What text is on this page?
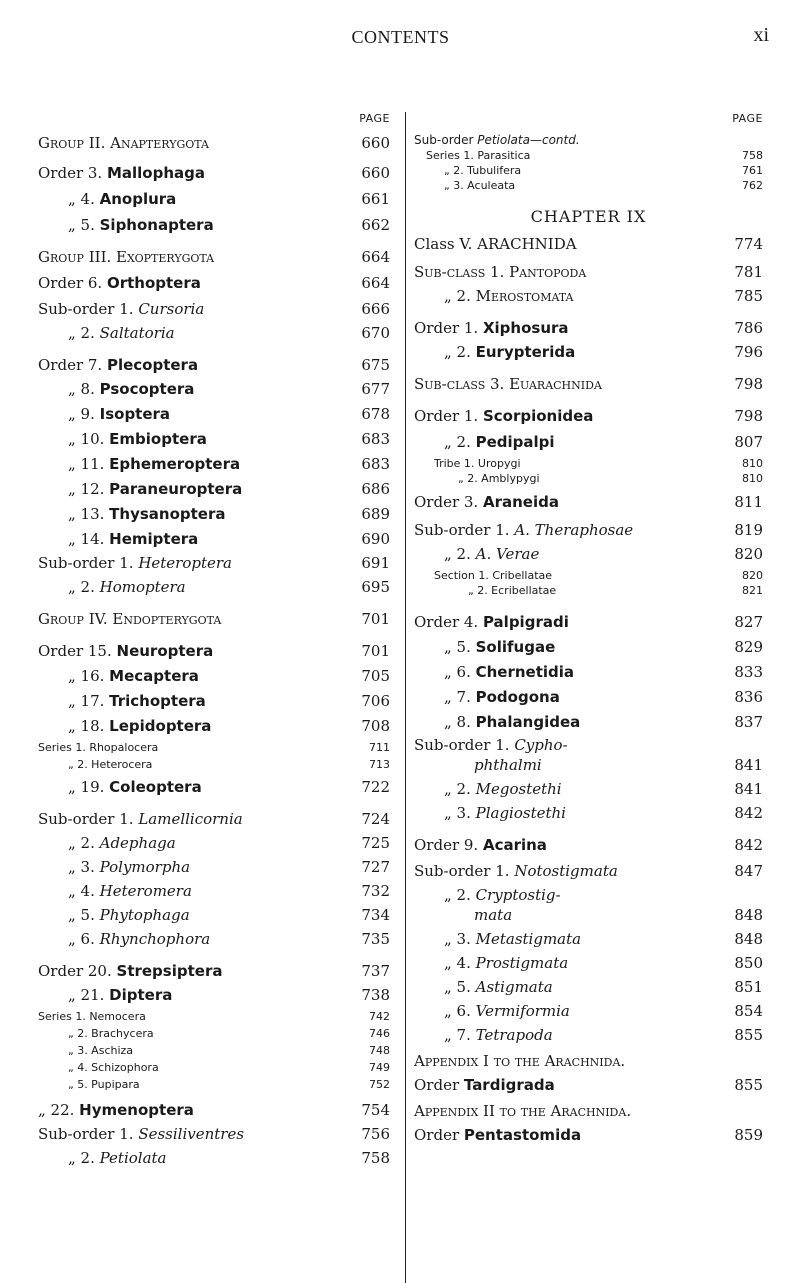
CONTENTS	xi
PAGE
Group II. Anapterygota	660
Order 3. Mallophaga	660
„ 4. Anoplura	661
„ 5. Siphonaptera	662
Group III. Exopterygota	664
Order 6. Orthoptera	664
Sub-order 1. Cursoria	666
„ 2. Saltatoria	670
Order 7. Plecoptera	675
„ 8. Psocoptera	677
„ 9. Isoptera	678
„ 10. Embioptera	683
„ 11. Ephemeroptera	683
„ 12. Paraneuroptera	686
„ 13. Thysanoptera	689
„ 14. Hemiptera	690
Sub-order 1. Heteroptera	691
„ 2. Homoptera	695
Group IV. Endopterygota	701
Order 15. Neuroptera	701
„ 16. Mecaptera	705
„ 17. Trichoptera	706
„ 18. Lepidoptera	708
Series 1. Rhopalocera	711
„ 2. Heterocera	713
„ 19. Coleoptera	722
Sub-order 1. Lamellicornia	724
„ 2. Adephaga	725
„ 3. Polymorpha	727
„ 4. Heteromera	732
„ 5. Phytophaga	734
„ 6. Rhynchophora	735
Order 20. Strepsiptera	737
„ 21. Diptera	738
Series 1. Nemocera	742
„ 2. Brachycera	746
„ 3. Aschiza	748
„ 4. Schizophora	749
„ 5. Pupipara	752
„ 22. Hymenoptera	754
Sub-order 1. Sessiliventres	756
„ 2. Petiolata	758
PAGE
Sub-order Petiolata—contd.
Series 1. Parasitica	758
„ 2. Tubulifera	761
„ 3. Aculeata	762
CHAPTER IX
Class V. ARACHNIDA	774
Sub-class 1. Pantopoda	781
„ 2. Merostomata	785
Order 1. Xiphosura	786
„ 2. Eurypterida	796
Sub-class 3. Euarachnida	798
Order 1. Scorpionidea	798
„ 2. Pedipalpi	807
Tribe 1. Uropygi	810
„ 2. Amblypygi	810
Order 3. Araneida	811
Sub-order 1. A. Theraphosae	819
„ 2. A. Verae	820
Section 1. Cribellatae	820
„ 2. Ecribellatae	821
Order 4. Palpigradi	827
„ 5. Solifugae	829
„ 6. Chernetidia	833
„ 7. Podogona	836
„ 8. Phalangidea	837
Sub-order 1. Cypho-
phthalmi	841
„ 2. Megostethi	841
„ 3. Plagiostethi	842
Order 9. Acarina	842
Sub-order 1. Notostigmata	847
„ 2. Cryptostig-
mata	848
„ 3. Metastigmata	848
„ 4. Prostigmata	850
„ 5. Astigmata	851
„ 6. Vermiformia	854
„ 7. Tetrapoda	855
Appendix I to the Arachnida.
Order Tardigrada	855
Appendix II to the Arachnida.
Order Pentastomida	859
